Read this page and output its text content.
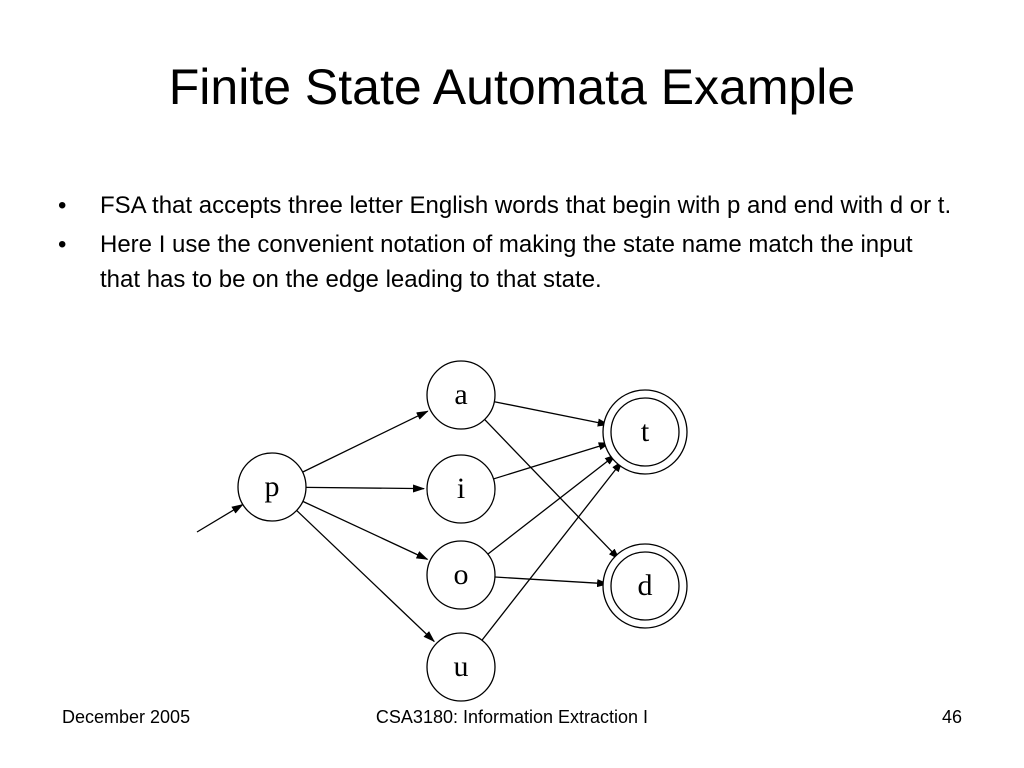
Finite State Automata Example
• FSA that accepts three letter English words that begin with p and end with d or t.
• Here I use the convenient notation of making the state name match the input that has to be on the edge leading to that state.
p
a
i
o
u
t
d
December 2005	CSA3180: Information Extraction I	46
